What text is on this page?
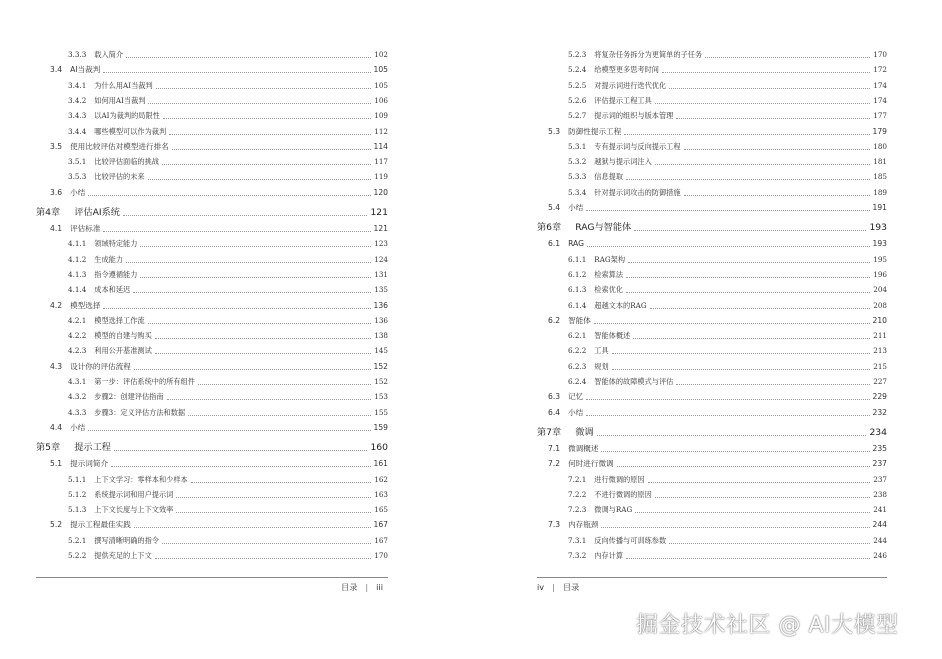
3.3.3 载入简介	102
3.4 AI当裁判	105
3.4.1 为什么用AI当裁判	105
3.4.2 如何用AI当裁判	106
3.4.3 以AI为裁判的局限性	109
3.4.4 哪些模型可以作为裁判	112
3.5 使用比较评估对模型进行排名	114
3.5.1 比较评估面临的挑战	117
3.5.3 比较评估的未来	119
3.6 小结	120
第4章 评估AI系统	121
4.1 评估标准	121
4.1.1 领域特定能力	123
4.1.2 生成能力	124
4.1.3 指令遵循能力	131
4.1.4 成本和延迟	135
4.2 模型选择	136
4.2.1 模型选择工作流	136
4.2.2 模型的自建与购买	138
4.2.3 利用公开基准测试	145
4.3 设计你的评估流程	152
4.3.1 第一步：评估系统中的所有组件	152
4.3.2 步骤2：创建评估指南	153
4.3.3 步骤3：定义评估方法和数据	155
4.4 小结	159
第5章 提示工程	160
5.1 提示词简介	161
5.1.1 上下文学习：零样本和少样本	162
5.1.2 系统提示词和用户提示词	163
5.1.3 上下文长度与上下文效率	165
5.2 提示工程最佳实践	167
5.2.1 撰写清晰明确的指令	167
5.2.2 提供充足的上下文	170
目录 | iii
5.2.3 将复杂任务拆分为更简单的子任务	170
5.2.4 给模型更多思考时间	172
5.2.5 对提示词进行迭代优化	174
5.2.6 评估提示工程工具	174
5.2.7 提示词的组织与版本管理	177
5.3 防御性提示工程	179
5.3.1 专有提示词与反向提示工程	180
5.3.2 越狱与提示词注入	181
5.3.3 信息提取	185
5.3.4 针对提示词攻击的防御措施	189
5.4 小结	191
第6章 RAG与智能体	193
6.1 RAG	193
6.1.1 RAG架构	195
6.1.2 检索算法	196
6.1.3 检索优化	204
6.1.4 超越文本的RAG	208
6.2 智能体	210
6.2.1 智能体概述	211
6.2.2 工具	213
6.2.3 规划	215
6.2.4 智能体的故障模式与评估	227
6.3 记忆	229
6.4 小结	232
第7章 微调	234
7.1 微调概述	235
7.2 何时进行微调	237
7.2.1 进行微调的原因	237
7.2.2 不进行微调的原因	238
7.2.3 微调与RAG	241
7.3 内存瓶颈	244
7.3.1 反向传播与可训练参数	244
7.3.2 内存计算	246
iv | 目录
掘金技术社区 @ AI大模型
